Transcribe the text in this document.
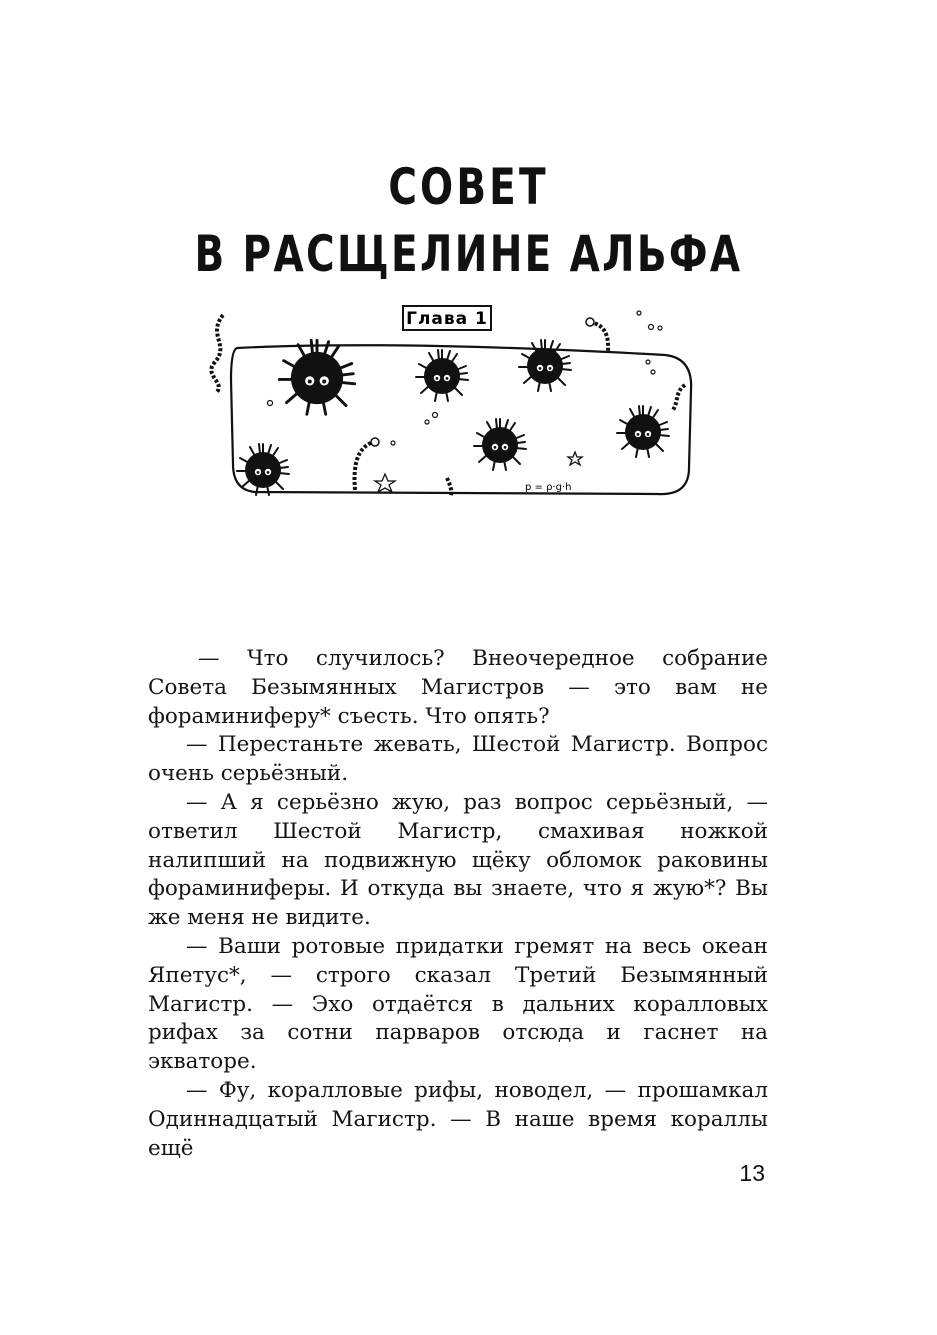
СОВЕТ
В РАСЩЕЛИНЕ АЛЬФА
Глава 1
p = ρ·g·h

— Что случилось? Внеочередное собрание Совета Безымянных Магистров — это вам не фораминиферу* съесть. Что опять?

— Перестаньте жевать, Шестой Магистр. Вопрос очень серьёзный.

— А я серьёзно жую, раз вопрос серьёзный, — ответил Шестой Магистр, смахивая ножкой налипший на подвижную щёку обломок раковины фораминиферы. И откуда вы знаете, что я жую*? Вы же меня не видите.

— Ваши ротовые придатки гремят на весь океан Япетус*, — строго сказал Третий Безымянный Магистр. — Эхо отдаётся в дальних коралловых рифах за сотни парваров отсюда и гаснет на экваторе.

— Фу, коралловые рифы, новодел, — прошамкал Одиннадцатый Магистр. — В наше время кораллы ещё

13
